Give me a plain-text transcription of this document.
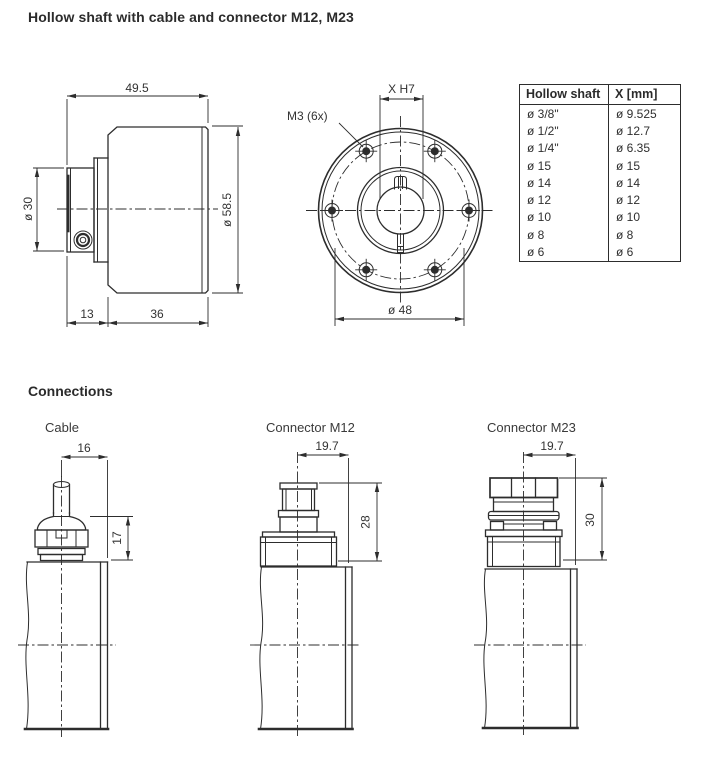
Hollow shaft with cable and connector M12, M23
Connections
Cable	Connector M12	Connector M23
Hollow shaft	X [mm]
ø 3/8"	ø 9.525
ø 1/2"	ø 12.7
ø 1/4"	ø 6.35
ø 15	ø 15
ø 14	ø 14
ø 12	ø 12
ø 10	ø 10
ø 8	ø 8
ø 6	ø 6
49.5
ø 30	ø 58.5
13	36
X H7
M3 (6x)
ø 48
16
17
19.7
28
19.7
30
